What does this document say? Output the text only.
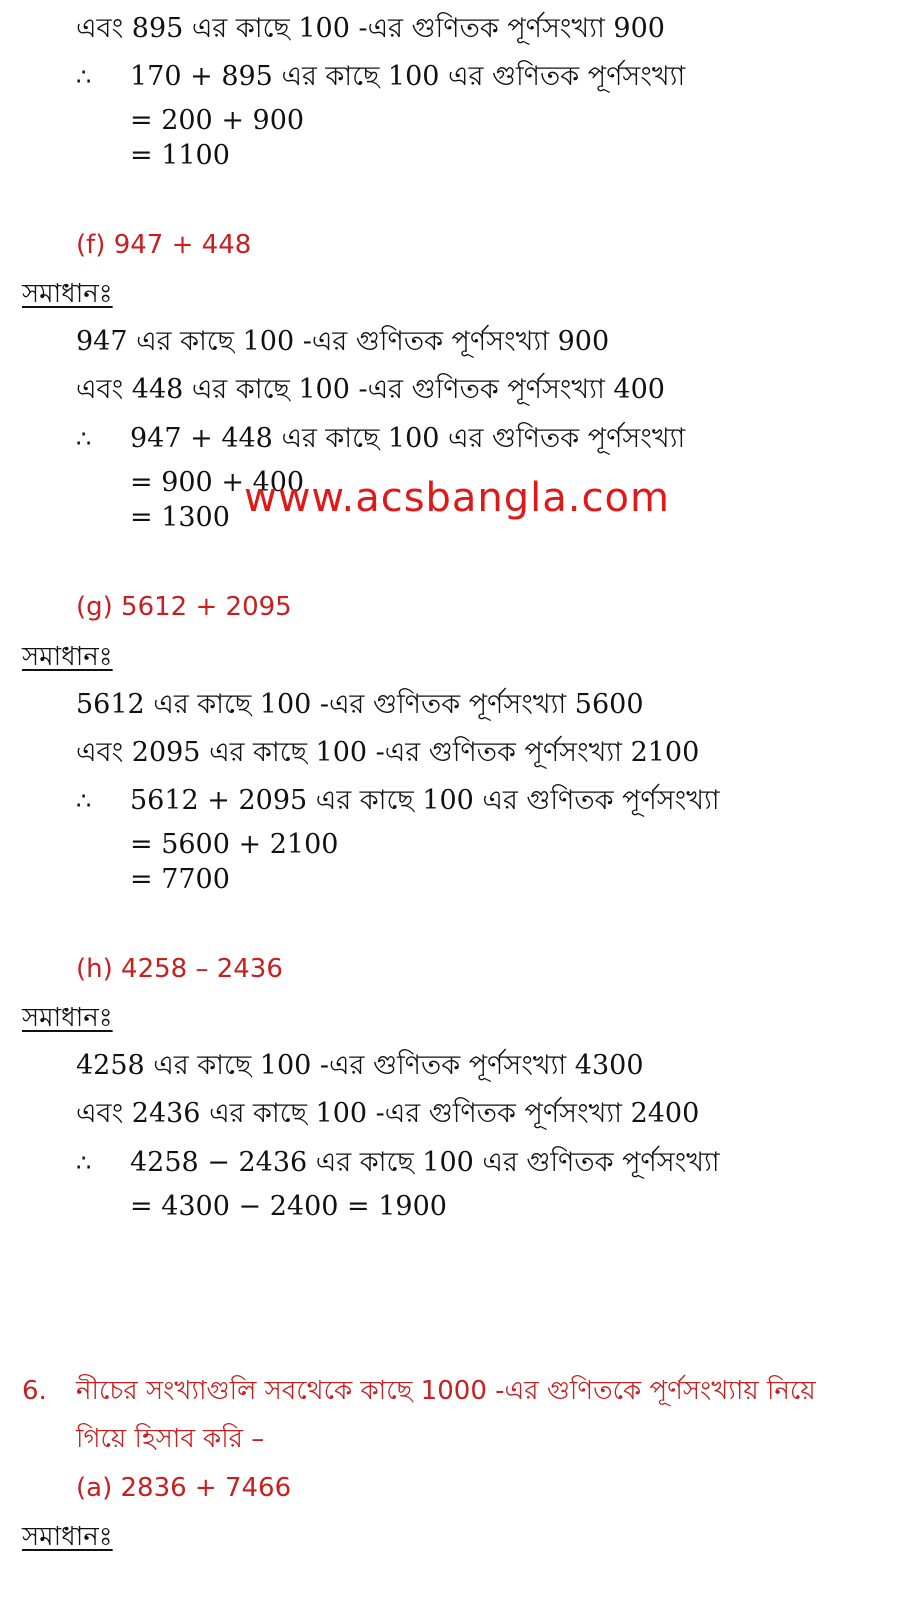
এবং 895 এর কাছে 100 -এর গুণিতক পূর্ণসংখ্যা 900
∴ 170 + 895 এর কাছে 100 এর গুণিতক পূর্ণসংখ্যা
= 200 + 900
= 1100
(f) 947 + 448
সমাধানঃ
947 এর কাছে 100 -এর গুণিতক পূর্ণসংখ্যা 900
এবং 448 এর কাছে 100 -এর গুণিতক পূর্ণসংখ্যা 400
∴ 947 + 448 এর কাছে 100 এর গুণিতক পূর্ণসংখ্যা
= 900 + 400
= 1300 www.acsbangla.com
(g) 5612 + 2095
সমাধানঃ
5612 এর কাছে 100 -এর গুণিতক পূর্ণসংখ্যা 5600
এবং 2095 এর কাছে 100 -এর গুণিতক পূর্ণসংখ্যা 2100
∴ 5612 + 2095 এর কাছে 100 এর গুণিতক পূর্ণসংখ্যা
= 5600 + 2100
= 7700
(h) 4258 – 2436
সমাধানঃ
4258 এর কাছে 100 -এর গুণিতক পূর্ণসংখ্যা 4300
এবং 2436 এর কাছে 100 -এর গুণিতক পূর্ণসংখ্যা 2400
∴ 4258 − 2436 এর কাছে 100 এর গুণিতক পূর্ণসংখ্যা
= 4300 − 2400 = 1900
6. নীচের সংখ্যাগুলি সবথেকে কাছে 1000 -এর গুণিতকে পূর্ণসংখ্যায় নিয়ে
গিয়ে হিসাব করি –
(a) 2836 + 7466
সমাধানঃ
